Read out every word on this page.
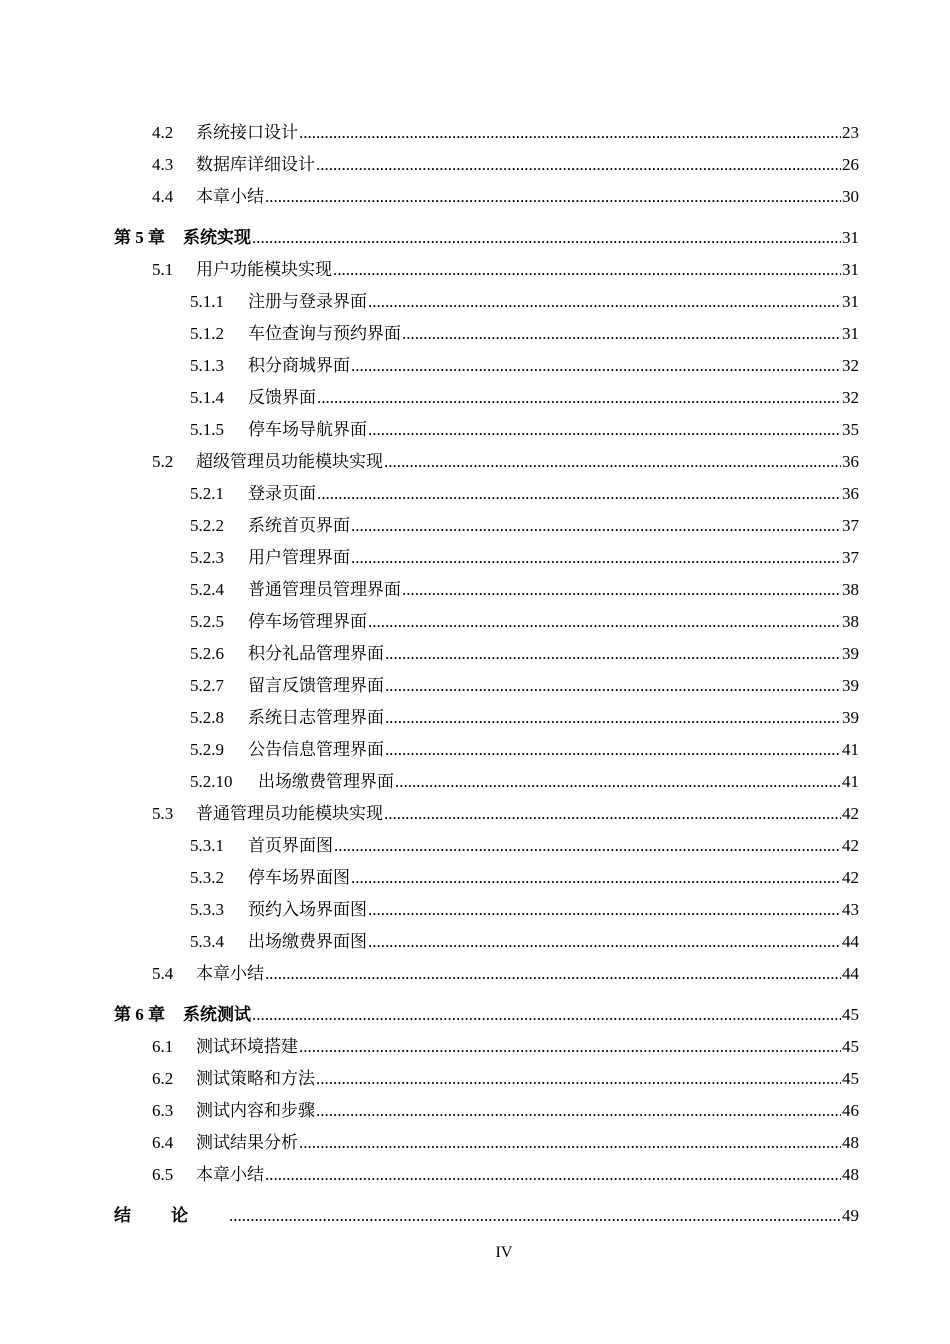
4.2	系统接口设计 .....	23
4.3	数据库详细设计 .....	26
4.4	本章小结 .....	30
第 5 章 系统实现 .....	31
5.1	用户功能模块实现 .....	31
5.1.1	注册与登录界面 .....	31
5.1.2	车位查询与预约界面 .....	31
5.1.3	积分商城界面 .....	32
5.1.4	反馈界面 .....	32
5.1.5	停车场导航界面 .....	35
5.2	超级管理员功能模块实现 .....	36
5.2.1	登录页面 .....	36
5.2.2	系统首页界面 .....	37
5.2.3	用户管理界面 .....	37
5.2.4	普通管理员管理界面 .....	38
5.2.5	停车场管理界面 .....	38
5.2.6	积分礼品管理界面 .....	39
5.2.7	留言反馈管理界面 .....	39
5.2.8	系统日志管理界面 .....	39
5.2.9	公告信息管理界面 .....	41
5.2.10	出场缴费管理界面 .....	41
5.3	普通管理员功能模块实现 .....	42
5.3.1	首页界面图 .....	42
5.3.2	停车场界面图 .....	42
5.3.3	预约入场界面图 .....	43
5.3.4	出场缴费界面图 .....	44
5.4	本章小结 .....	44
第 6 章 系统测试 .....	45
6.1	测试环境搭建 .....	45
6.2	测试策略和方法 .....	45
6.3	测试内容和步骤 .....	46
6.4	测试结果分析 .....	48
6.5	本章小结 .....	48
结论 .....	49
IV
